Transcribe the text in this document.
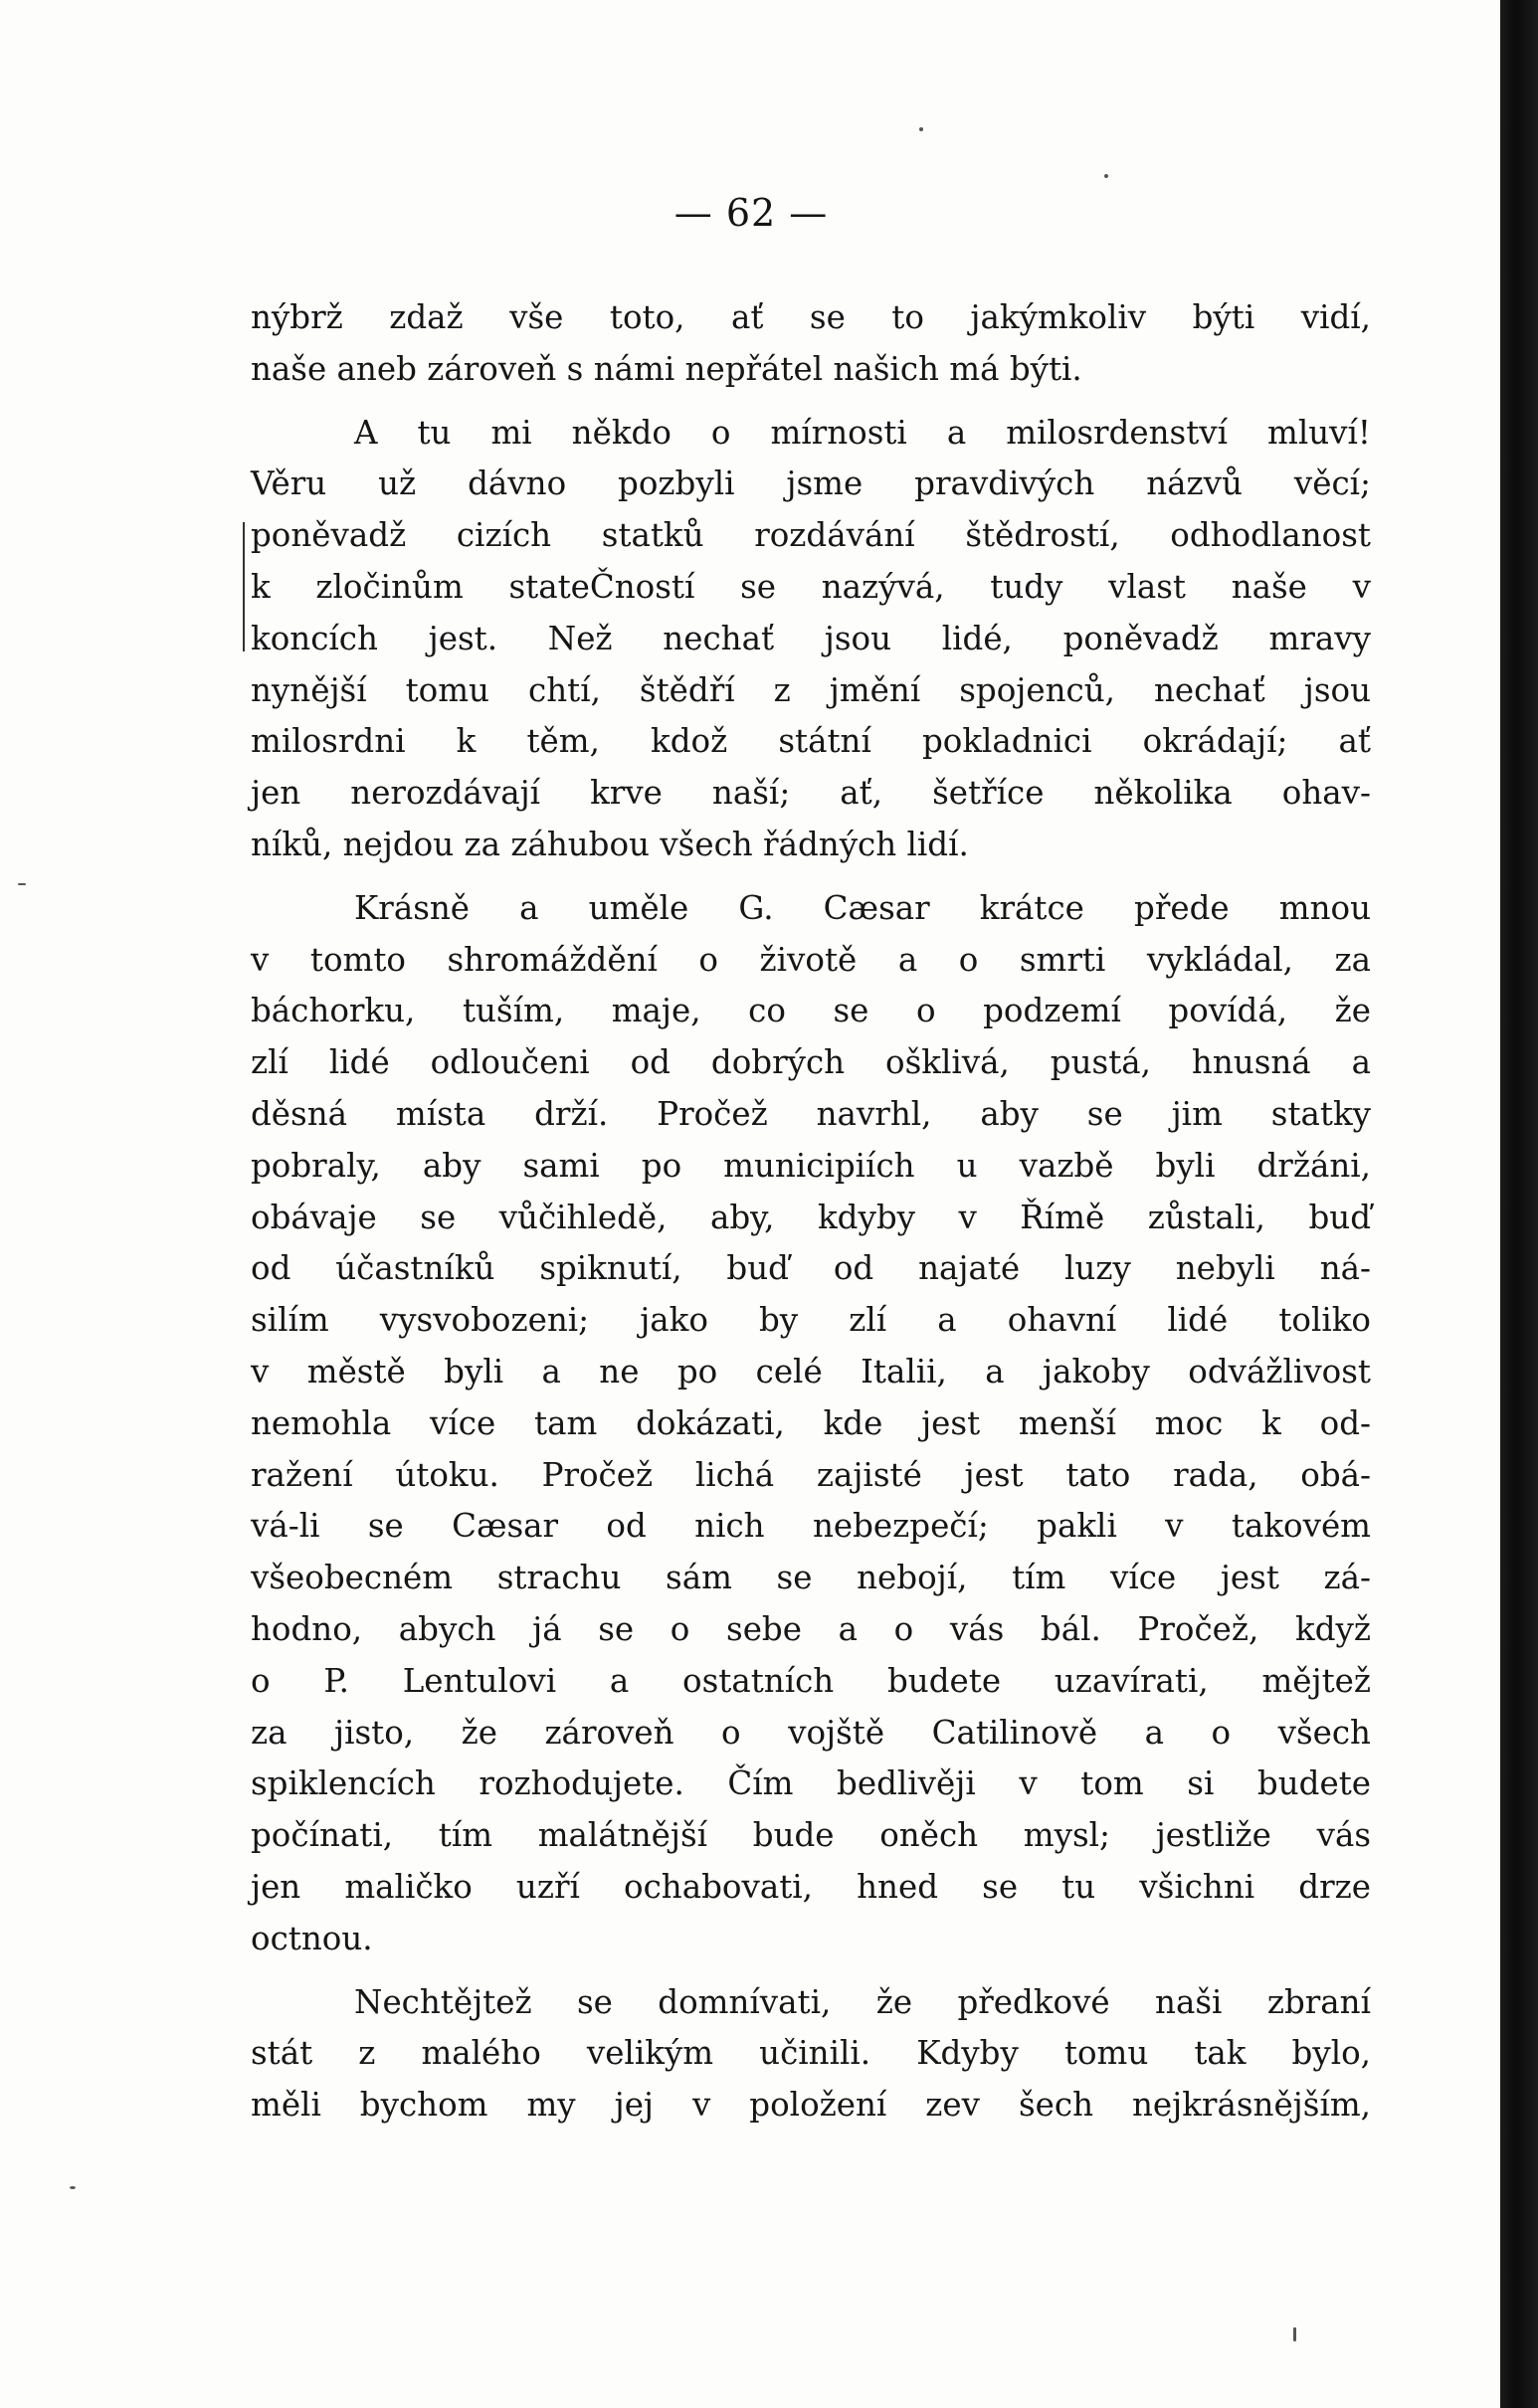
— 62 —
nýbrž zdaž vše toto, ať se to jakýmkoliv býti vidí,
naše aneb zároveň s námi nepřátel našich má býti.
A tu mi někdo o mírnosti a milosrdenství mluví!
Věru už dávno pozbyli jsme pravdivých názvů věcí;
poněvadž cizích statků rozdávání štědrostí, odhodlanost
k zločinům stateČností se nazývá, tudy vlast naše v
koncích jest. Než nechať jsou lidé, poněvadž mravy
nynější tomu chtí, štědří z jmění spojenců, nechať jsou
milosrdni k těm, kdož státní pokladnici okrádají; ať
jen nerozdávají krve naší; ať, šetříce několika ohav-
níků, nejdou za záhubou všech řádných lidí.
Krásně a uměle G. Cæsar krátce přede mnou
v tomto shromáždění o životě a o smrti vykládal, za
báchorku, tuším, maje, co se o podzemí povídá, že
zlí lidé odloučeni od dobrých ošklivá, pustá, hnusná a
děsná místa drží. Pročež navrhl, aby se jim statky
pobraly, aby sami po municipiích u vazbě byli držáni,
obávaje se vůčihledě, aby, kdyby v Římě zůstali, buď
od účastníků spiknutí, buď od najaté luzy nebyli ná-
silím vysvobozeni; jako by zlí a ohavní lidé toliko
v městě byli a ne po celé Italii, a jakoby odvážlivost
nemohla více tam dokázati, kde jest menší moc k od-
ražení útoku. Pročež lichá zajisté jest tato rada, obá-
vá-li se Cæsar od nich nebezpečí; pakli v takovém
všeobecném strachu sám se nebojí, tím více jest zá-
hodno, abych já se o sebe a o vás bál. Pročež, když
o P. Lentulovi a ostatních budete uzavírati, mějtež
za jisto, že zároveň o vojště Catilinově a o všech
spiklencích rozhodujete. Čím bedlivěji v tom si budete
počínati, tím malátnější bude oněch mysl; jestliže vás
jen maličko uzří ochabovati, hned se tu všichni drze
octnou.
Nechtějtež se domnívati, že předkové naši zbraní
stát z malého velikým učinili. Kdyby tomu tak bylo,
měli bychom my jej v položení zev šech nejkrásnějším,
